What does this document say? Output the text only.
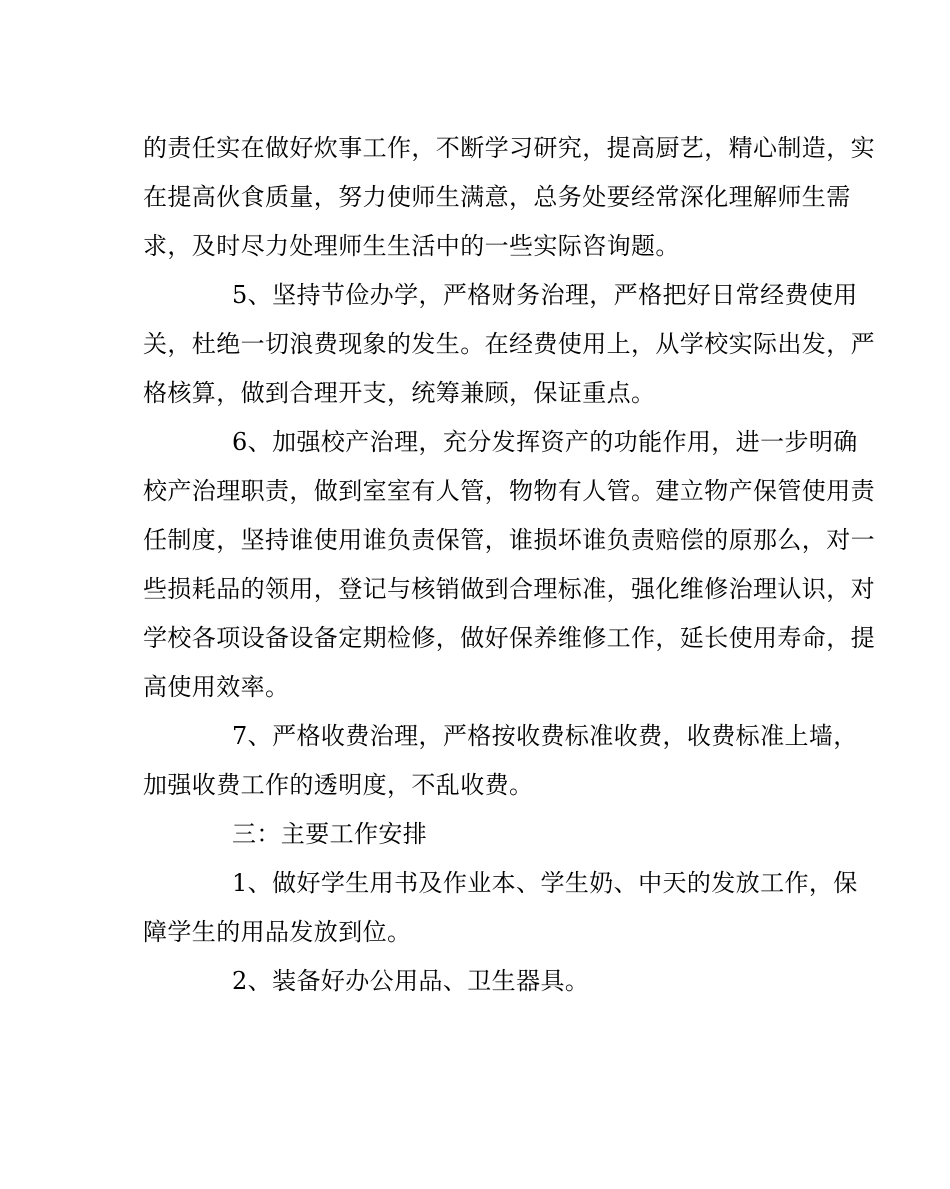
的责任实在做好炊事工作，不断学习研究，提高厨艺，精心制造，实
在提高伙食质量，努力使师生满意，总务处要经常深化理解师生需
求，及时尽力处理师生生活中的一些实际咨询题。
5、坚持节俭办学，严格财务治理，严格把好日常经费使用
关，杜绝一切浪费现象的发生。在经费使用上，从学校实际出发，严
格核算，做到合理开支，统筹兼顾，保证重点。
6、加强校产治理，充分发挥资产的功能作用，进一步明确
校产治理职责，做到室室有人管，物物有人管。建立物产保管使用责
任制度，坚持谁使用谁负责保管，谁损坏谁负责赔偿的原那么，对一
些损耗品的领用，登记与核销做到合理标准，强化维修治理认识，对
学校各项设备设备定期检修，做好保养维修工作，延长使用寿命，提
高使用效率。
7、严格收费治理，严格按收费标准收费，收费标准上墙，
加强收费工作的透明度，不乱收费。
三：主要工作安排
1、做好学生用书及作业本、学生奶、中天的发放工作，保
障学生的用品发放到位。
2、装备好办公用品、卫生器具。
